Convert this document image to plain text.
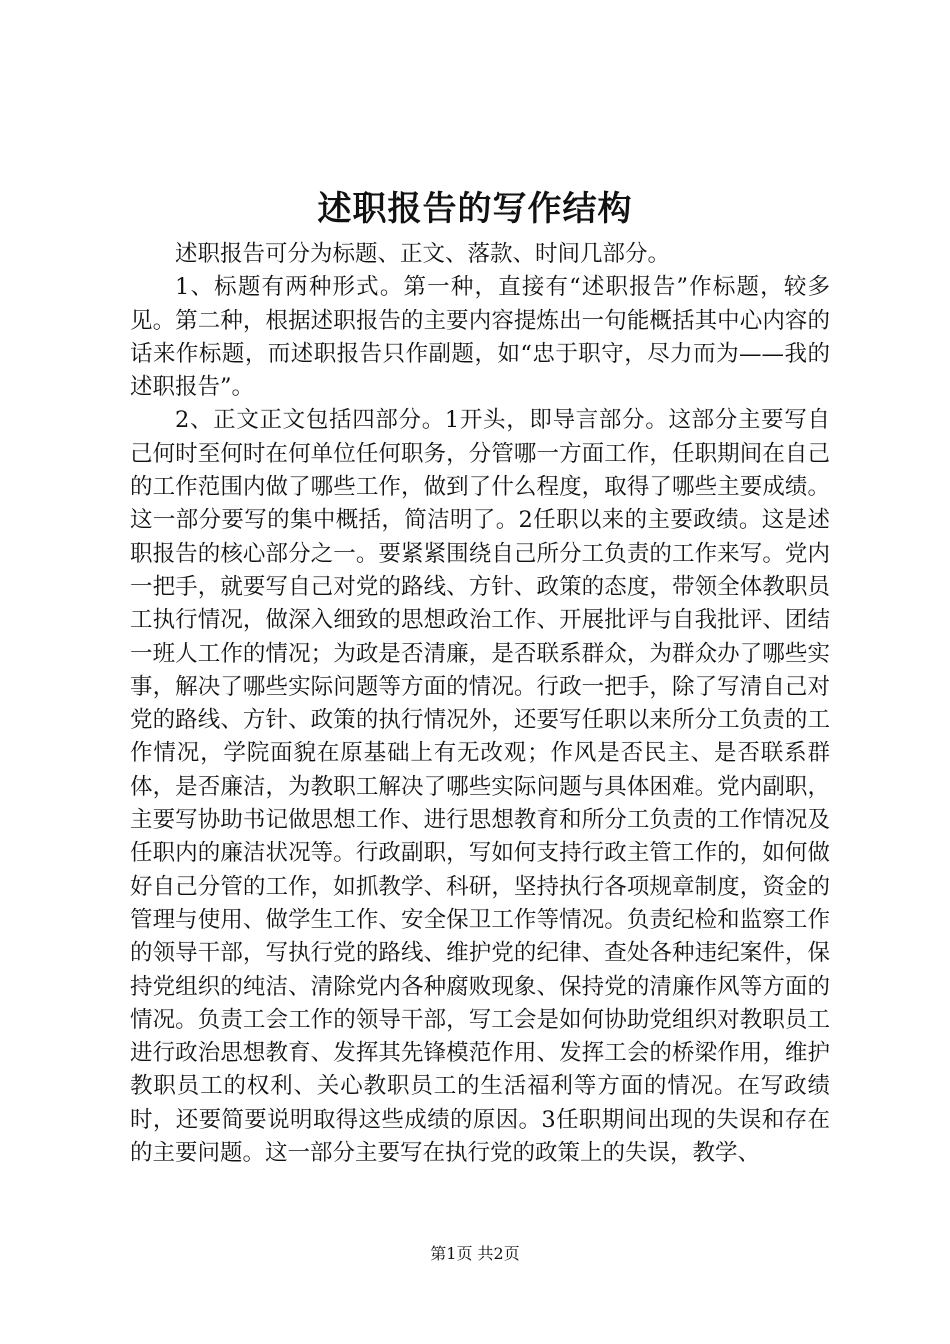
述职报告的写作结构

述职报告可分为标题、正文、落款、时间几部分。

1、标题有两种形式。第一种，直接有“述职报告”作标题，较多见。第二种，根据述职报告的主要内容提炼出一句能概括其中心内容的话来作标题，而述职报告只作副题，如“忠于职守，尽力而为——我的述职报告”。

2、正文正文包括四部分。1开头，即导言部分。这部分主要写自己何时至何时在何单位任何职务，分管哪一方面工作，任职期间在自己的工作范围内做了哪些工作，做到了什么程度，取得了哪些主要成绩。这一部分要写的集中概括，简洁明了。2任职以来的主要政绩。这是述职报告的核心部分之一。要紧紧围绕自己所分工负责的工作来写。党内一把手，就要写自己对党的路线、方针、政策的态度，带领全体教职员工执行情况，做深入细致的思想政治工作、开展批评与自我批评、团结一班人工作的情况；为政是否清廉，是否联系群众，为群众办了哪些实事，解决了哪些实际问题等方面的情况。行政一把手，除了写清自己对党的路线、方针、政策的执行情况外，还要写任职以来所分工负责的工作情况，学院面貌在原基础上有无改观；作风是否民主、是否联系群体，是否廉洁，为教职工解决了哪些实际问题与具体困难。党内副职，主要写协助书记做思想工作、进行思想教育和所分工负责的工作情况及任职内的廉洁状况等。行政副职，写如何支持行政主管工作的，如何做好自己分管的工作，如抓教学、科研，坚持执行各项规章制度，资金的管理与使用、做学生工作、安全保卫工作等情况。负责纪检和监察工作的领导干部，写执行党的路线、维护党的纪律、查处各种违纪案件，保持党组织的纯洁、清除党内各种腐败现象、保持党的清廉作风等方面的情况。负责工会工作的领导干部，写工会是如何协助党组织对教职员工进行政治思想教育、发挥其先锋模范作用、发挥工会的桥梁作用，维护教职员工的权利、关心教职员工的生活福利等方面的情况。在写政绩时，还要简要说明取得这些成绩的原因。3任职期间出现的失误和存在的主要问题。这一部分主要写在执行党的政策上的失误，教学、

第1页 共2页
